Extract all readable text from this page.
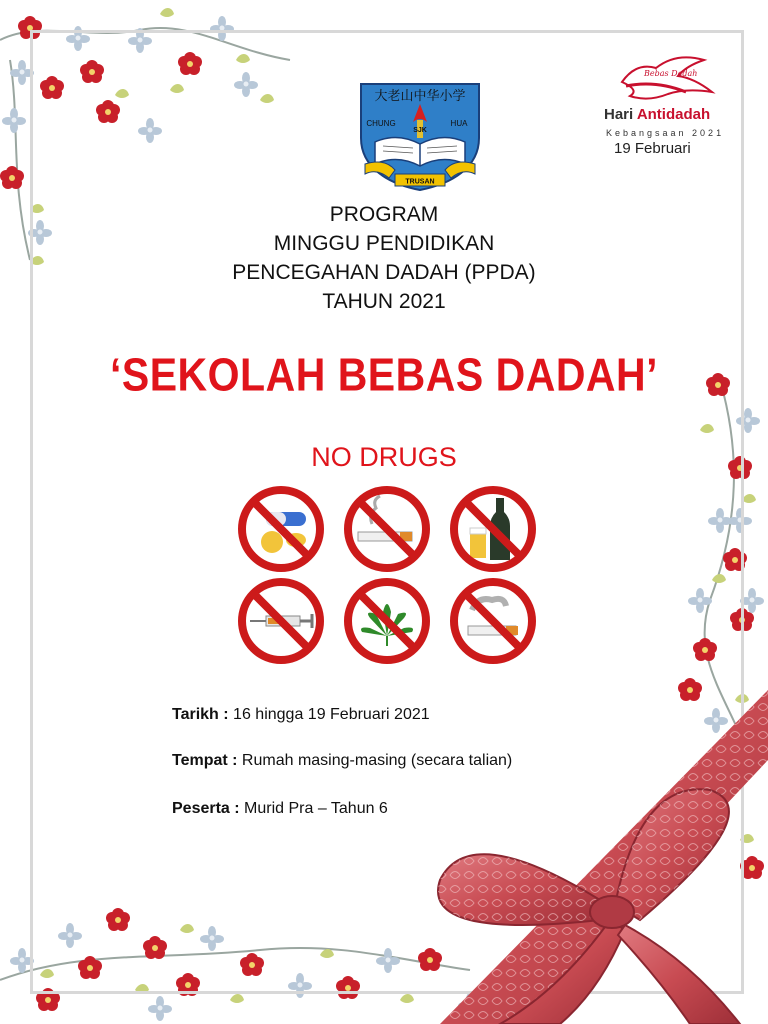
大老山中华小学
SJK
CHUNG	HUA
TRUSAN
Bebas Dadah
Hari Antidadah
Kebangsaan 2021
19 Februari
PROGRAM
MINGGU PENDIDIKAN
PENCEGAHAN DADAH (PPDA)
TAHUN 2021
‘SEKOLAH BEBAS DADAH’
NO DRUGS
Tarikh : 16 hingga 19 Februari 2021
Tempat : Rumah masing-masing (secara talian)
Peserta : Murid Pra – Tahun 6
